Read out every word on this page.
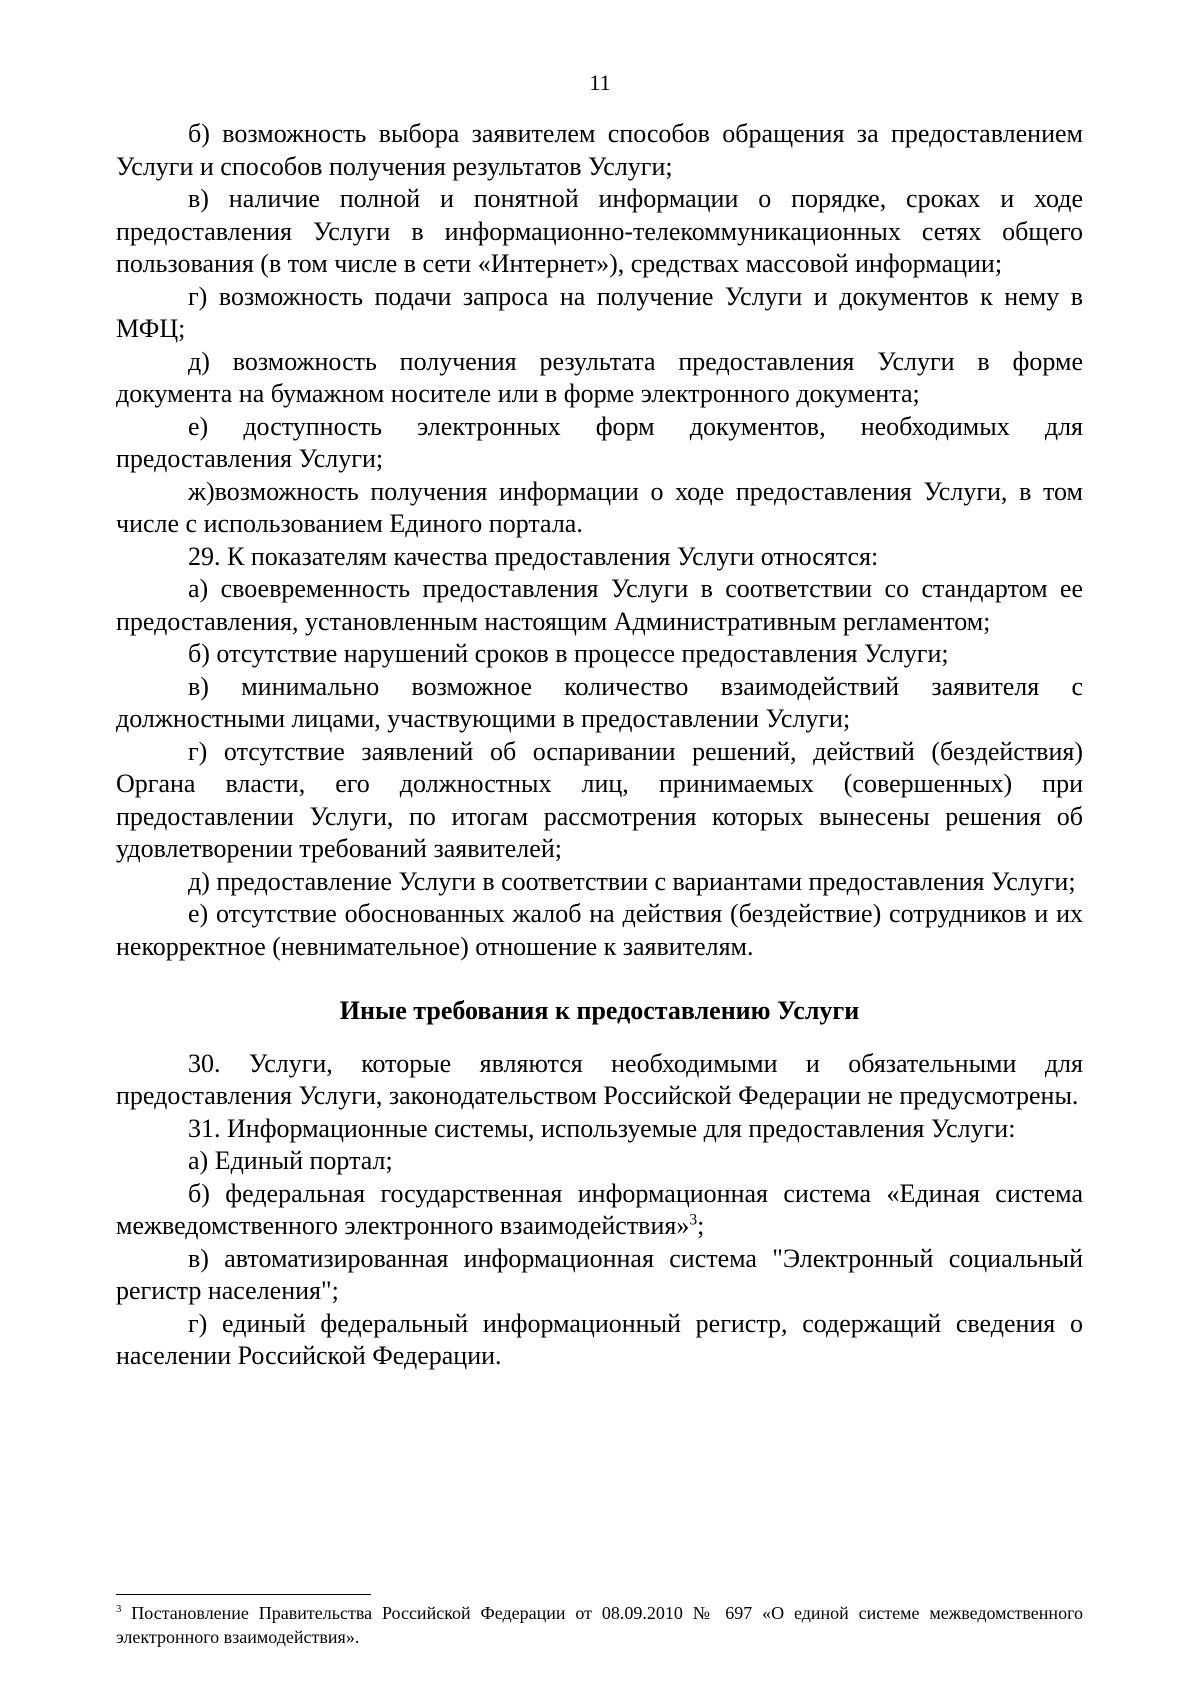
11

б) возможность выбора заявителем способов обращения за предоставлением Услуги и способов получения результатов Услуги;

в) наличие полной и понятной информации о порядке, сроках и ходе предоставления Услуги в информационно-телекоммуникационных сетях общего пользования (в том числе в сети «Интернет»), средствах массовой информации;

г) возможность подачи запроса на получение Услуги и документов к нему в МФЦ;

д) возможность получения результата предоставления Услуги в форме документа на бумажном носителе или в форме электронного документа;

е) доступность электронных форм документов, необходимых для предоставления Услуги;

ж)возможность получения информации о ходе предоставления Услуги, в том числе с использованием Единого портала.

29. К показателям качества предоставления Услуги относятся:

а) своевременность предоставления Услуги в соответствии со стандартом ее предоставления, установленным настоящим Административным регламентом;

б) отсутствие нарушений сроков в процессе предоставления Услуги;

в) минимально возможное количество взаимодействий заявителя с должностными лицами, участвующими в предоставлении Услуги;

г) отсутствие заявлений об оспаривании решений, действий (бездействия) Органа власти, его должностных лиц, принимаемых (совершенных) при предоставлении Услуги, по итогам рассмотрения которых вынесены решения об удовлетворении требований заявителей;

д) предоставление Услуги в соответствии с вариантами предоставления Услуги;

е) отсутствие обоснованных жалоб на действия (бездействие) сотрудников и их некорректное (невнимательное) отношение к заявителям.

Иные требования к предоставлению Услуги

30. Услуги, которые являются необходимыми и обязательными для предоставления Услуги, законодательством Российской Федерации не предусмотрены.

31. Информационные системы, используемые для предоставления Услуги:

а) Единый портал;

б) федеральная государственная информационная система «Единая система межведомственного электронного взаимодействия»$^3$;

в) автоматизированная информационная система "Электронный социальный регистр населения";

г) единый федеральный информационный регистр, содержащий сведения о населении Российской Федерации.

$^3$ Постановление Правительства Российской Федерации от 08.09.2010 № 697 «О единой системе межведомственного электронного взаимодействия».
